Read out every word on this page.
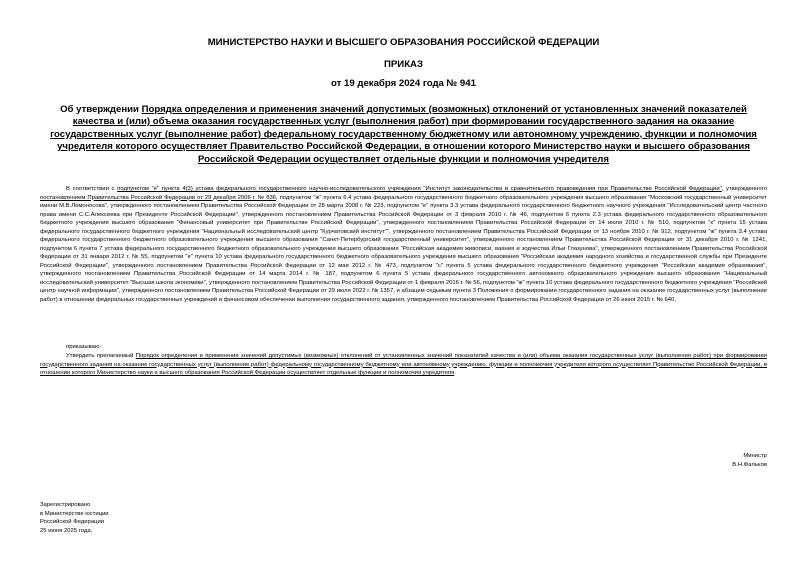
МИНИСТЕРСТВО НАУКИ И ВЫСШЕГО ОБРАЗОВАНИЯ РОССИЙСКОЙ ФЕДЕРАЦИИ
ПРИКАЗ
от 19 декабря 2024 года № 941
Об утверждении Порядка определения и применения значений допустимых (возможных) отклонений от установленных значений показателей качества и (или) объема оказания государственных услуг (выполнения работ) при формировании государственного задания на оказание государственных услуг (выполнение работ) федеральному государственному бюджетному или автономному учреждению, функции и полномочия учредителя которого осуществляет Правительство Российской Федерации, в отношении которого Министерство науки и высшего образования Российской Федерации осуществляет отдельные функции и полномочия учредителя
В соответствии с подпунктом "е" пункта 4(3) устава федерального государственного научно-исследовательского учреждения "Институт законодательства и сравнительного правоведения при Правительстве Российской Федерации", утвержденного постановлением Правительства Российской Федерации от 29 декабря 2006 г. № 836, подпунктом "ж" пункта 6.4 устава федерального государственного бюджетного образовательного учреждения высшего образования "Московский государственный университет имени М.В.Ломоносова", утвержденного постановлением Правительства Российской Федерации от 28 марта 2008 г. № 223, подпунктом "е" пункта 3.3 устава федерального государственного бюджетного научного учреждения "Исследовательский центр частного права имени С.С.Алексеева при Президенте Российской Федерации", утвержденного постановлением Правительства Российской Федерации от 3 февраля 2010 г. № 46, подпунктом 6 пункта 2.3 устава федерального государственного образовательного бюджетного учреждения высшего образования "Финансовый университет при Правительстве Российской Федерации", утвержденного постановлением Правительства Российской Федерации от 14 июля 2010 г. № 510, подпунктом "к" пункта 15 устава федерального государственного бюджетного учреждения "Национальный исследовательский центр "Курчатовский институт"", утвержденного постановлением Правительства Российской Федерации от 13 ноября 2010 г. № 912, подпунктом "ж" пункта 3.4 устава федерального государственного бюджетного образовательного учреждения высшего образования "Санкт-Петербургский государственный университет", утвержденного постановлением Правительства Российской Федерации от 31 декабря 2010 г. № 1241, подпунктом 6 пункта 7 устава федерального государственного бюджетного образовательного учреждения высшего образования "Российская академия живописи, ваяния и зодчества Ильи Глазунова", утвержденного постановлением Правительства Российской Федерации от 31 января 2012 г. № 55, подпунктом "е" пункта 10 устава федерального государственного бюджетного образовательного учреждения высшего образования "Российская академия народного хозяйства и государственной службы при Президенте Российской Федерации", утвержденного постановлением Правительства Российской Федерации от 12 мая 2012 г. № 473, подпунктом "с" пункта 5 устава федерального государственного бюджетного учреждения "Российская академия образования", утвержденного постановлением Правительства Российской Федерации от 14 марта 2014 г. № 187, подпунктом 6 пункта 5 устава федерального государственного автономного образовательного учреждения высшего образования "Национальный исследовательский университет "Высшая школа экономики", утвержденного постановлением Правительства Российской Федерации от 1 февраля 2016 г. № 56, подпунктом "ж" пункта 10 устава федерального государственного бюджетного учреждения "Российский центр научной информации", утвержденного постановлением Правительства Российской Федерации от 29 июля 2022 г. № 1357, и абзацем седьмым пункта 3 Положения о формировании государственного задания на оказание государственных услуг (выполнение работ) в отношении федеральных государственных учреждений и финансовом обеспечении выполнения государственного задания, утвержденного постановлением Правительства Российской Федерации от 26 июня 2015 г. № 640,
приказываю:
Утвердить прилагаемый Порядок определения и применения значений допустимых (возможных) отклонений от установленных значений показателей качества и (или) объема оказания государственных услуг (выполнения работ) при формировании государственного задания на оказание государственных услуг (выполнение работ) федеральному государственному бюджетному или автономному учреждению, функции и полномочия учредителя которого осуществляет Правительство Российской Федерации, в отношении которого Министерство науки и высшего образования Российской Федерации осуществляет отдельные функции и полномочия учредителя.
Министр
В.Н.Фальков
Зарегистрировано
в Министерстве юстиции
Российской Федерации
25 июня 2025 года,
